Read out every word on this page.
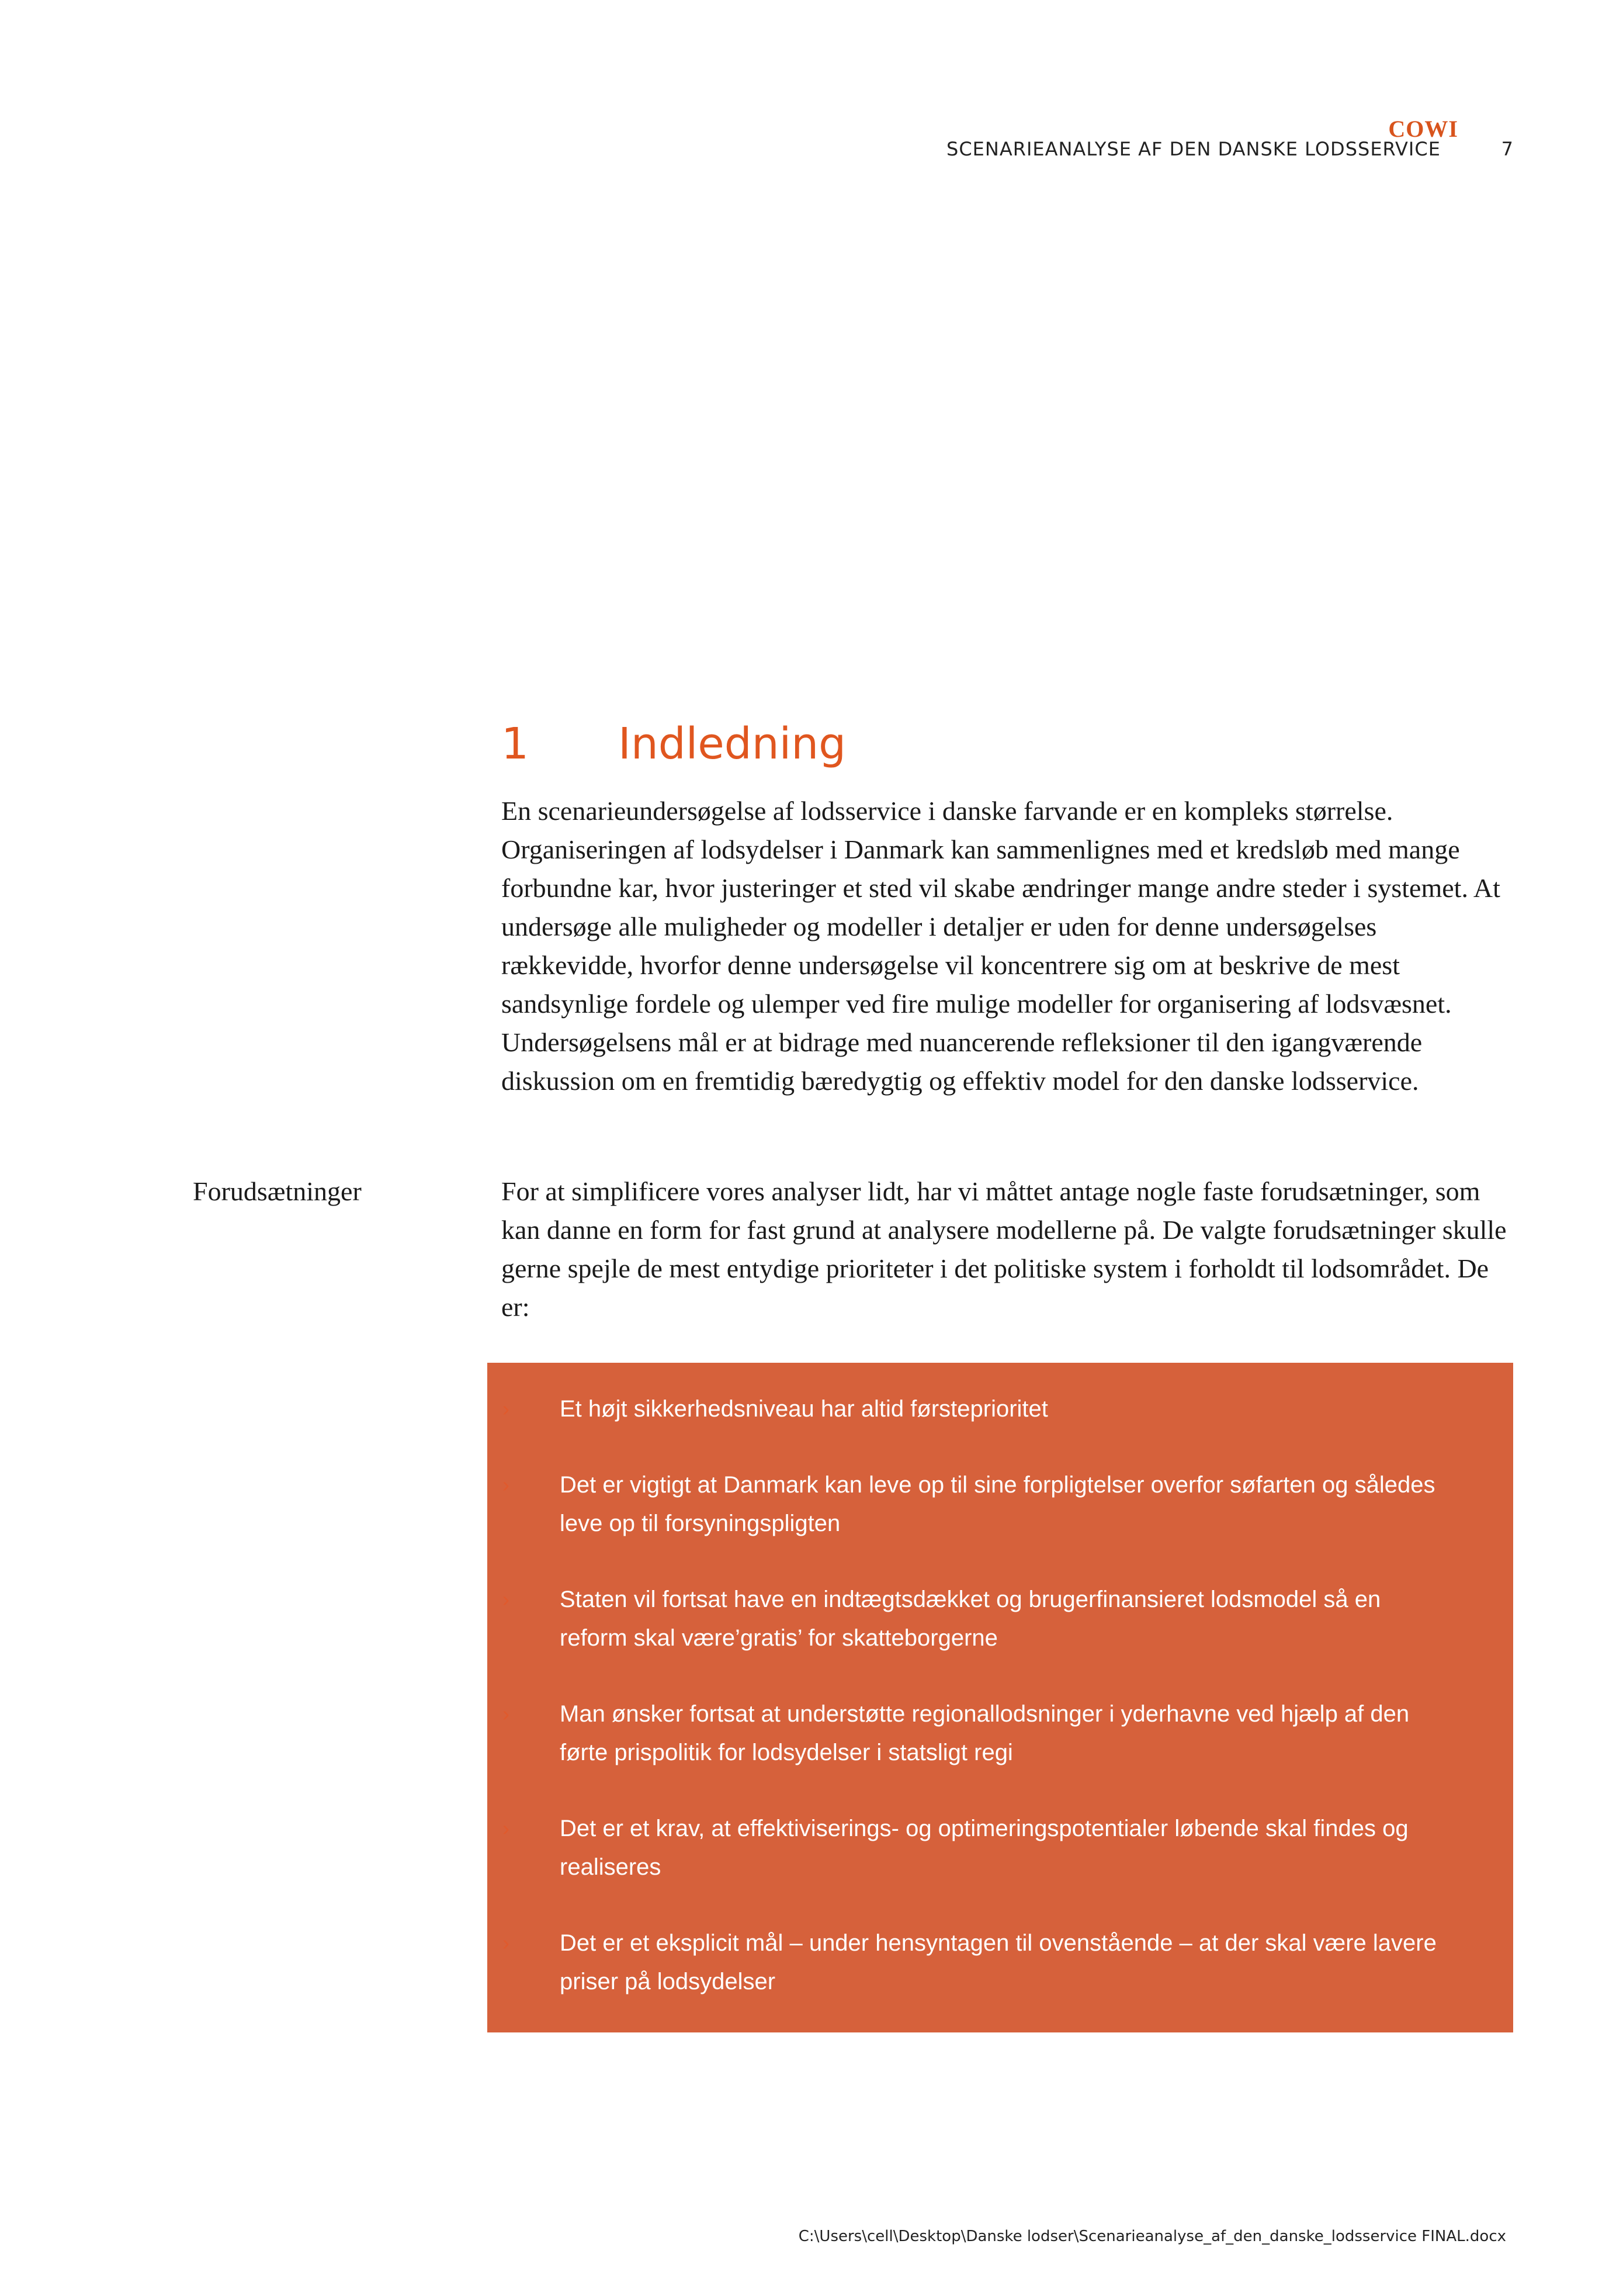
COWI
SCENARIEANALYSE AF DEN DANSKE LODSSERVICE	7
1	Indledning

En scenarieundersøgelse af lodsservice i danske farvande er en kompleks størrelse. Organiseringen af lodsydelser i Danmark kan sammenlignes med et kredsløb med mange forbundne kar, hvor justeringer et sted vil skabe ændringer mange andre steder i systemet. At undersøge alle muligheder og modeller i detaljer er uden for denne undersøgelses rækkevidde, hvorfor denne undersøgelse vil koncentrere sig om at beskrive de mest sandsynlige fordele og ulemper ved fire mulige modeller for organisering af lodsvæsnet. Undersøgelsens mål er at bidrage med nuancerende refleksioner til den igangværende diskussion om en fremtidig bæredygtig og effektiv model for den danske lodsservice.

Forudsætninger	For at simplificere vores analyser lidt, har vi måttet antage nogle faste forudsætninger, som kan danne en form for fast grund at analysere modellerne på. De valgte forudsætninger skulle gerne spejle de mest entydige prioriteter i det politiske system i forholdt til lodsområdet. De er:

› Et højt sikkerhedsniveau har altid førsteprioritet
› Det er vigtigt at Danmark kan leve op til sine forpligtelser overfor søfarten og således leve op til forsyningspligten
› Staten vil fortsat have en indtægtsdækket og brugerfinansieret lodsmodel så en reform skal være’gratis’ for skatteborgerne
› Man ønsker fortsat at understøtte regionallodsninger i yderhavne ved hjælp af den førte prispolitik for lodsydelser i statsligt regi
› Det er et krav, at effektiviserings- og optimeringspotentialer løbende skal findes og realiseres
› Det er et eksplicit mål – under hensyntagen til ovenstående – at der skal være lavere priser på lodsydelser
C:\Users\cell\Desktop\Danske lodser\Scenarieanalyse_af_den_danske_lodsservice FINAL.docx
